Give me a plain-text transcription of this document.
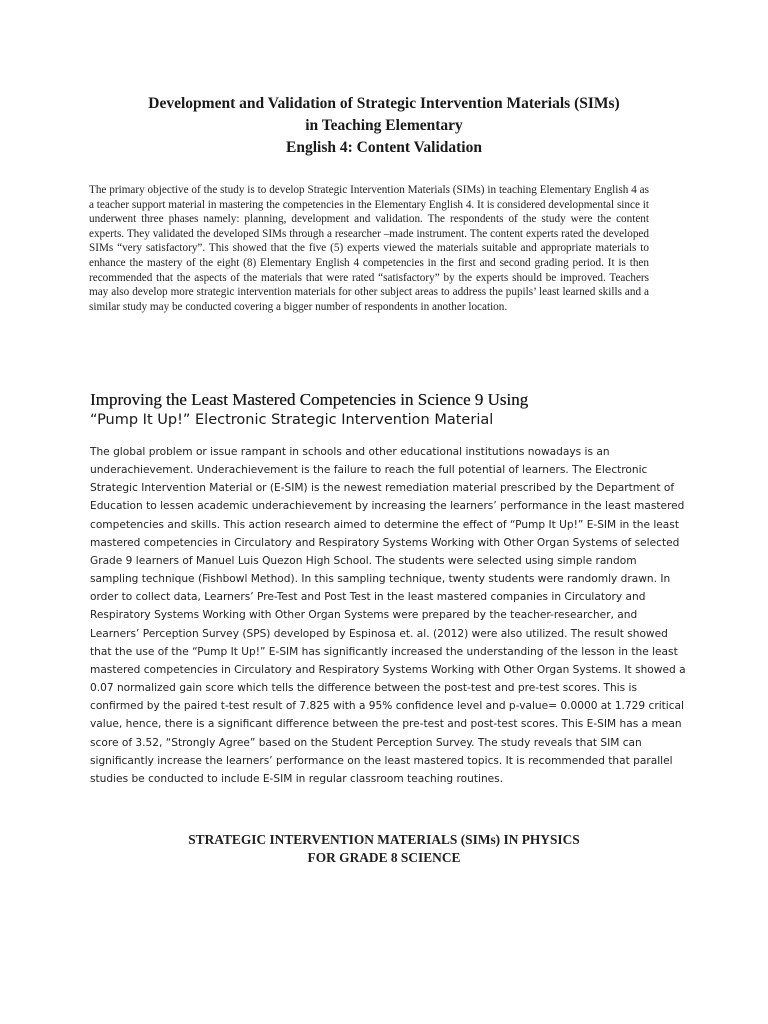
Development and Validation of Strategic Intervention Materials (SIMs)
in Teaching Elementary
English 4: Content Validation

The primary objective of the study is to develop Strategic Intervention Materials (SIMs) in teaching Elementary English 4 as a teacher support material in mastering the competencies in the Elementary English 4. It is considered developmental since it underwent three phases namely: planning, development and validation. The respondents of the study were the content experts. They validated the developed SIMs through a researcher –made instrument. The content experts rated the developed SIMs “very satisfactory”. This showed that the five (5) experts viewed the materials suitable and appropriate materials to enhance the mastery of the eight (8) Elementary English 4 competencies in the first and second grading period. It is then recommended that the aspects of the materials that were rated “satisfactory” by the experts should be improved. Teachers may also develop more strategic intervention materials for other subject areas to address the pupils’ least learned skills and a similar study may be conducted covering a bigger number of respondents in another location.

Improving the Least Mastered Competencies in Science 9 Using
“Pump It Up!” Electronic Strategic Intervention Material

The global problem or issue rampant in schools and other educational institutions nowadays is an underachievement. Underachievement is the failure to reach the full potential of learners. The Electronic Strategic Intervention Material or (E-SIM) is the newest remediation material prescribed by the Department of Education to lessen academic underachievement by increasing the learners’ performance in the least mastered competencies and skills. This action research aimed to determine the effect of “Pump It Up!” E-SIM in the least mastered competencies in Circulatory and Respiratory Systems Working with Other Organ Systems of selected Grade 9 learners of Manuel Luis Quezon High School. The students were selected using simple random sampling technique (Fishbowl Method). In this sampling technique, twenty students were randomly drawn. In order to collect data, Learners’ Pre-Test and Post Test in the least mastered companies in Circulatory and Respiratory Systems Working with Other Organ Systems were prepared by the teacher-researcher, and Learners’ Perception Survey (SPS) developed by Espinosa et. al. (2012) were also utilized. The result showed that the use of the “Pump It Up!” E-SIM has significantly increased the understanding of the lesson in the least mastered competencies in Circulatory and Respiratory Systems Working with Other Organ Systems. It showed a 0.07 normalized gain score which tells the difference between the post-test and pre-test scores. This is confirmed by the paired t-test result of 7.825 with a 95% confidence level and p-value= 0.0000 at 1.729 critical value, hence, there is a significant difference between the pre-test and post-test scores. This E-SIM has a mean score of 3.52, “Strongly Agree” based on the Student Perception Survey. The study reveals that SIM can significantly increase the learners’ performance on the least mastered topics. It is recommended that parallel studies be conducted to include E-SIM in regular classroom teaching routines.

STRATEGIC INTERVENTION MATERIALS (SIMs) IN PHYSICS
FOR GRADE 8 SCIENCE
